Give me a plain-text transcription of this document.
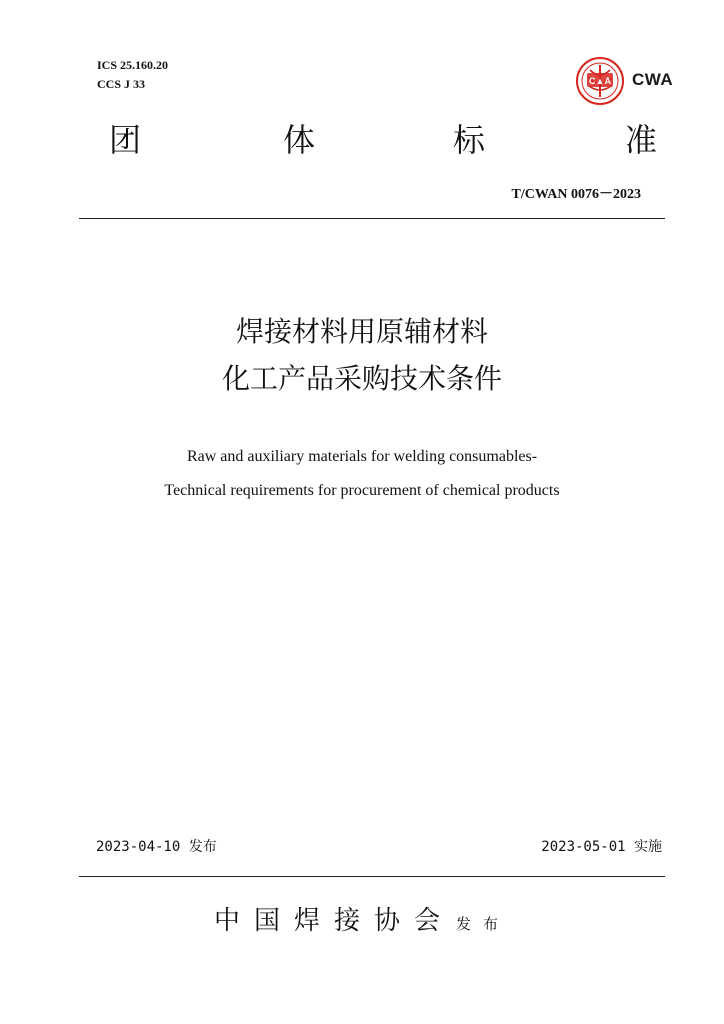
ICS 25.160.20
CCS J 33	C▲A CWA
团	体	标	准
T/CWAN 0076－2023
焊接材料用原辅材料
化工产品采购技术条件
Raw and auxiliary materials for welding consumables-
Technical requirements for procurement of chemical products
2023-04-10 发布	2023-05-01 实施
中国焊接协会 发布
